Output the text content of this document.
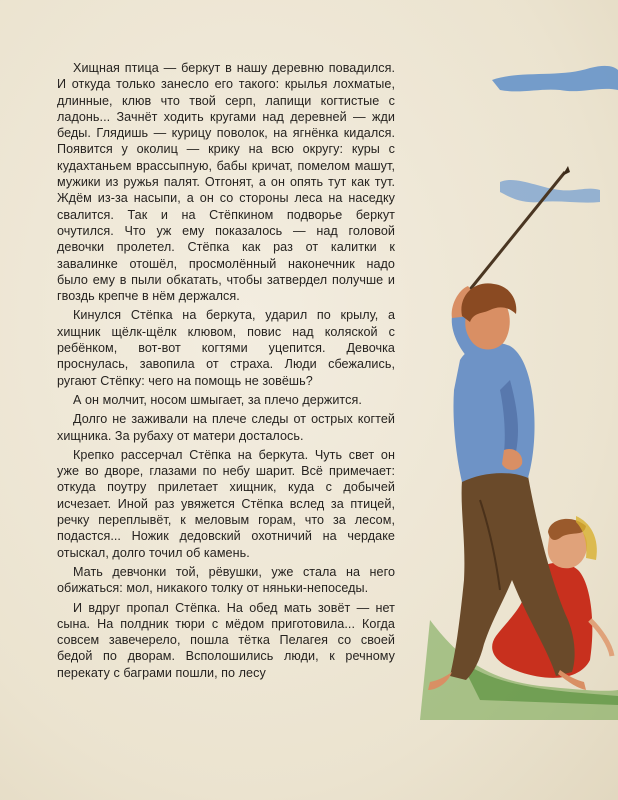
Хищная птица — беркут в нашу деревню повадился. И откуда только занесло его такого: крылья лохматые, длинные, клюв что твой серп, лапищи когтистые с ладонь... Зачнёт ходить кругами над деревней — жди беды. Глядишь — курицу поволок, на ягнёнка кидался. Появится у околиц — крику на всю округу: куры с кудахтаньем врассыпную, бабы кричат, помелом машут, мужики из ружья палят. Отгонят, а он опять тут как тут. Ждём из-за насыпи, а он со стороны леса на наседку свалится. Так и на Стёпкином подворье беркут очутился. Что уж ему показалось — над головой девочки пролетел. Стёпка как раз от калитки к завалинке отошёл, просмолённый наконечник надо было ему в пыли обкатать, чтобы затвердел получше и гвоздь крепче в нём держался.

Кинулся Стёпка на беркута, ударил по крылу, а хищник щёлк-щёлк клювом, повис над коляской с ребёнком, вот-вот когтями уцепится. Девочка проснулась, завопила от страха. Люди сбежались, ругают Стёпку: чего на помощь не зовёшь?

А он молчит, носом шмыгает, за плечо держится.

Долго не заживали на плече следы от острых когтей хищника. За рубаху от матери досталось.

Крепко рассерчал Стёпка на беркута. Чуть свет он уже во дворе, глазами по небу шарит. Всё примечает: откуда поутру прилетает хищник, куда с добычей исчезает. Иной раз увяжется Стёпка вслед за птицей, речку переплывёт, к меловым горам, что за лесом, подастся... Ножик дедовский охотничий на чердаке отыскал, долго точил об камень.

Мать девчонки той, рёвушки, уже стала на него обижаться: мол, никакого толку от няньки-непоседы.

И вдруг пропал Стёпка. На обед мать зовёт — нет сына. На полдник тюри с мёдом приготовила... Когда совсем завечерело, пошла тётка Пелагея со своей бедой по дворам. Всполошились люди, к речному перекату с баграми пошли, по лесу
